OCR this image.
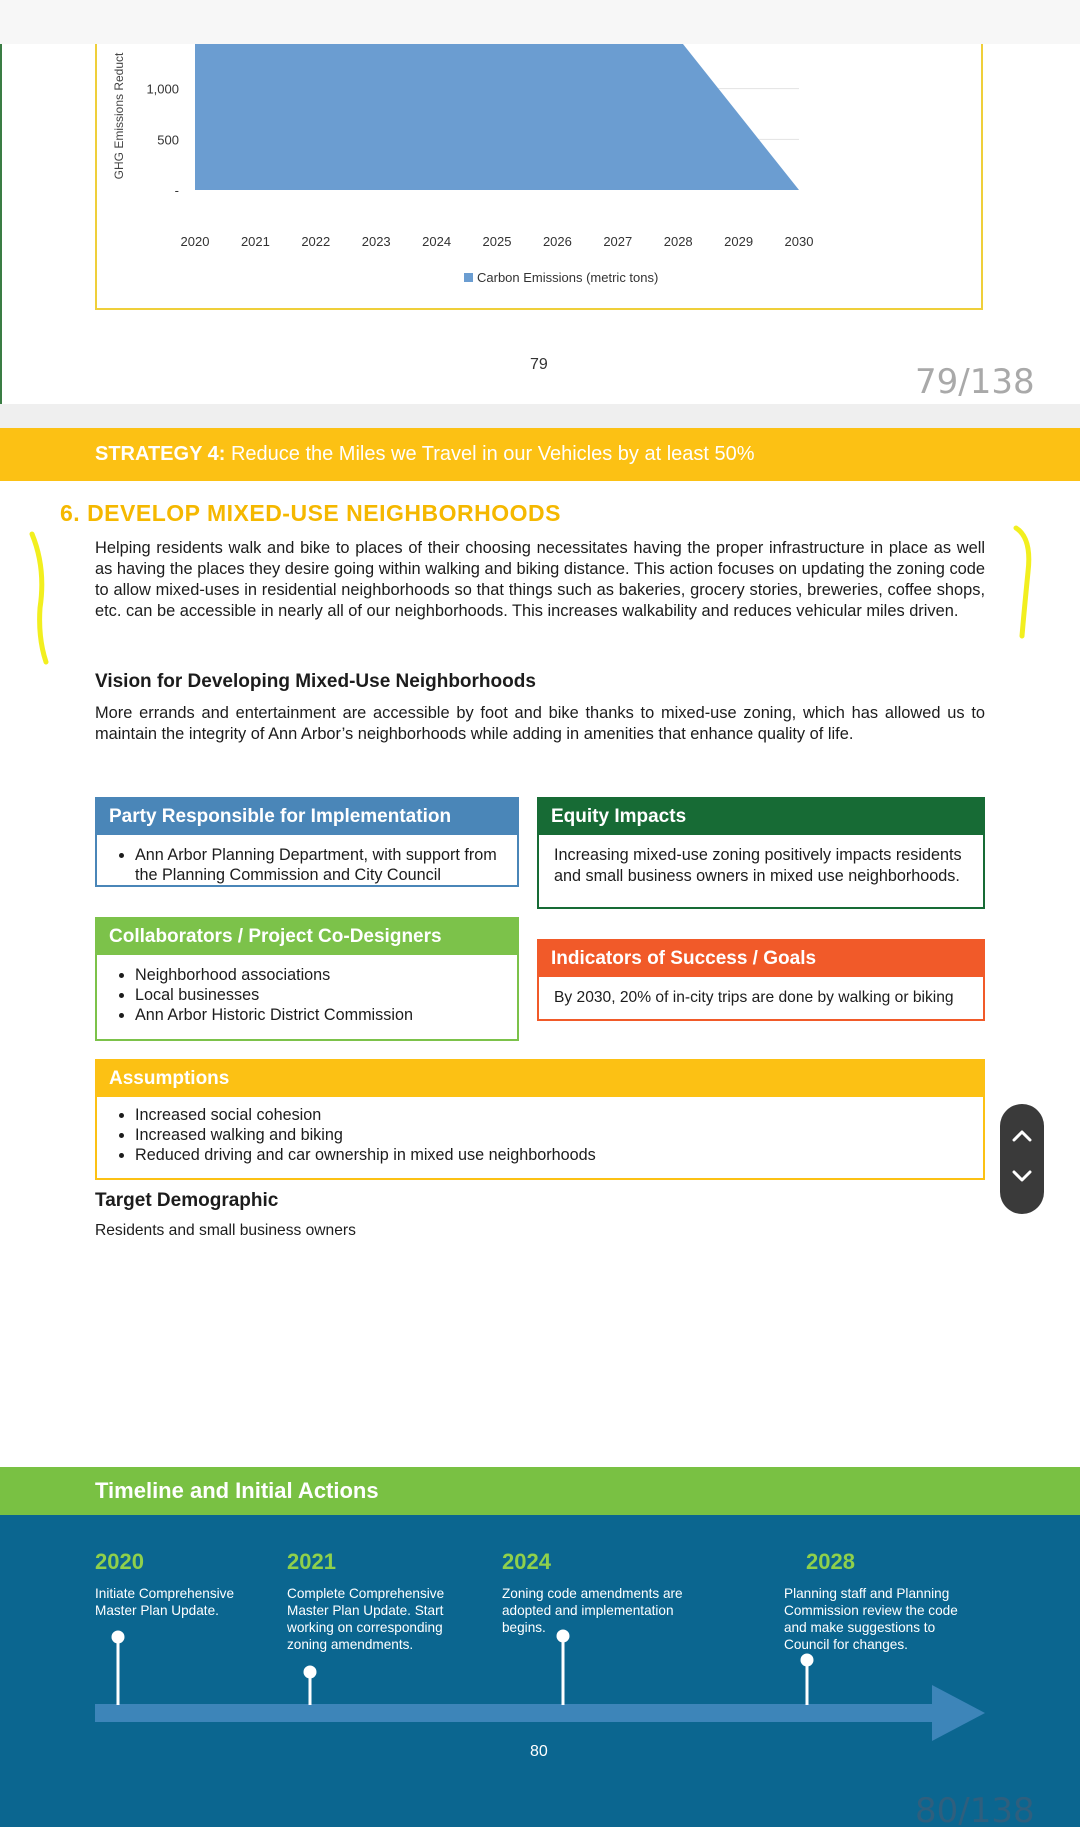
1,000
500
-
2020 2021 2022 2023 2024 2025 2026 2027 2028 2029 2030
GHG Emissions Reduct
Carbon Emissions (metric tons)
79	79/138
STRATEGY 4: Reduce the Miles we Travel in our Vehicles by at least 50%
6. DEVELOP MIXED-USE NEIGHBORHOODS
Helping residents walk and bike to places of their choosing necessitates having the proper infrastructure in place as well as having the places they desire going within walking and biking distance. This action focuses on updating the zoning code to allow mixed-uses in residential neighborhoods so that things such as bakeries, grocery stories, breweries, coffee shops, etc. can be accessible in nearly all of our neighborhoods. This increases walkability and reduces vehicular miles driven.
Vision for Developing Mixed-Use Neighborhoods
More errands and entertainment are accessible by foot and bike thanks to mixed-use zoning, which has allowed us to maintain the integrity of Ann Arbor’s neighborhoods while adding in amenities that enhance quality of life.
Party Responsible for Implementation
• Ann Arbor Planning Department, with support from the Planning Commission and City Council
Equity Impacts
Increasing mixed-use zoning positively impacts residents and small business owners in mixed use neighborhoods.
Collaborators / Project Co-Designers
• Neighborhood associations
• Local businesses
• Ann Arbor Historic District Commission
Indicators of Success / Goals
By 2030, 20% of in-city trips are done by walking or biking
Assumptions
• Increased social cohesion
• Increased walking and biking
• Reduced driving and car ownership in mixed use neighborhoods
Target Demographic
Residents and small business owners
Timeline and Initial Actions
2020
Initiate Comprehensive Master Plan Update.
2021
Complete Comprehensive Master Plan Update. Start working on corresponding zoning amendments.
2024
Zoning code amendments are adopted and implementation begins.
2028
Planning staff and Planning Commission review the code and make suggestions to Council for changes.
80
80/138
